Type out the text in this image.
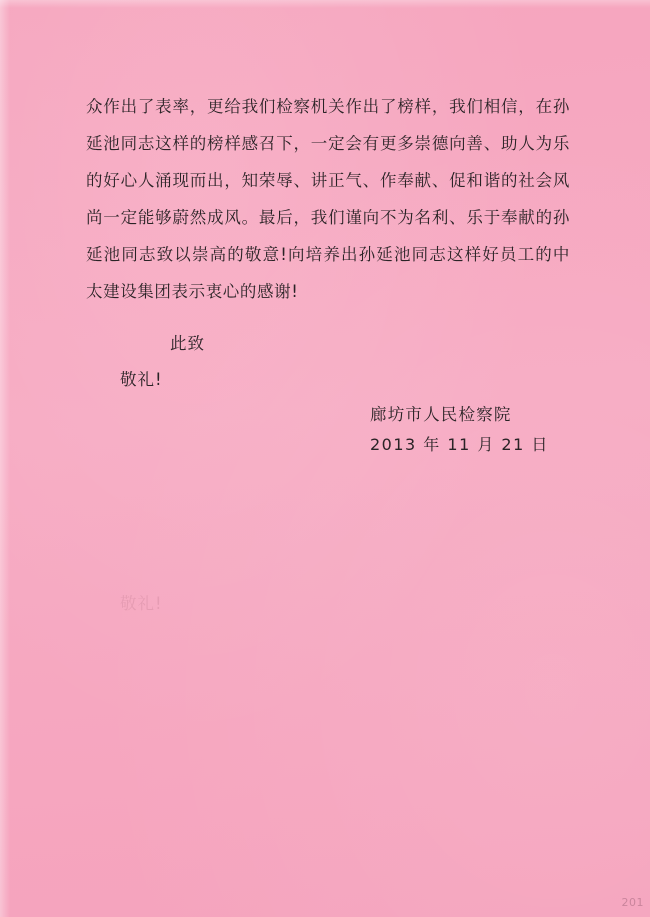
众作出了表率，更给我们检察机关作出了榜样，我们相信，在孙延池同志这样的榜样感召下，一定会有更多崇德向善、助人为乐的好心人涌现而出，知荣辱、讲正气、作奉献、促和谐的社会风尚一定能够蔚然成风。最后，我们谨向不为名利、乐于奉献的孙延池同志致以崇高的敬意!向培养出孙延池同志这样好员工的中太建设集团表示衷心的感谢!

此致
敬礼!
廊坊市人民检察院
2013 年 11 月 21 日
敬礼!
201
